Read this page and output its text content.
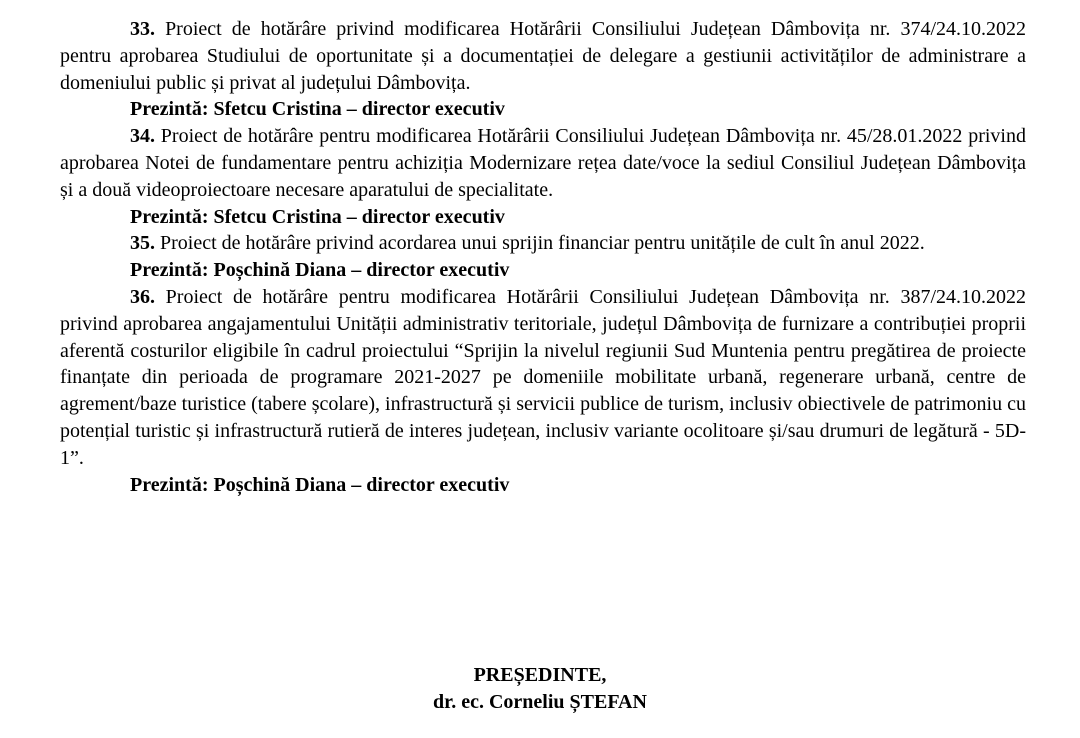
33. Proiect de hotărâre privind modificarea Hotărârii Consiliului Județean Dâmbovița nr. 374/24.10.2022 pentru aprobarea Studiului de oportunitate și a documentației de delegare a gestiunii activităților de administrare a domeniului public și privat al județului Dâmbovița.

Prezintă: Sfetcu Cristina – director executiv

34. Proiect de hotărâre pentru modificarea Hotărârii Consiliului Județean Dâmbovița nr. 45/28.01.2022 privind aprobarea Notei de fundamentare pentru achiziția Modernizare rețea date/voce la sediul Consiliul Județean Dâmbovița și a două videoproiectoare necesare aparatului de specialitate.

Prezintă: Sfetcu Cristina – director executiv

35. Proiect de hotărâre privind acordarea unui sprijin financiar pentru unitățile de cult în anul 2022.

Prezintă: Poșchină Diana – director executiv

36. Proiect de hotărâre pentru modificarea Hotărârii Consiliului Județean Dâmbovița nr. 387/24.10.2022 privind aprobarea angajamentului Unității administrativ teritoriale, județul Dâmbovița de furnizare a contribuției proprii aferentă costurilor eligibile în cadrul proiectului “Sprijin la nivelul regiunii Sud Muntenia pentru pregătirea de proiecte finanțate din perioada de programare 2021-2027 pe domeniile mobilitate urbană, regenerare urbană, centre de agrement/baze turistice (tabere școlare), infrastructură și servicii publice de turism, inclusiv obiectivele de patrimoniu cu potențial turistic și infrastructură rutieră de interes județean, inclusiv variante ocolitoare și/sau drumuri de legătură - 5D-1”.

Prezintă: Poșchină Diana – director executiv
PREȘEDINTE,
dr. ec. Corneliu ȘTEFAN
